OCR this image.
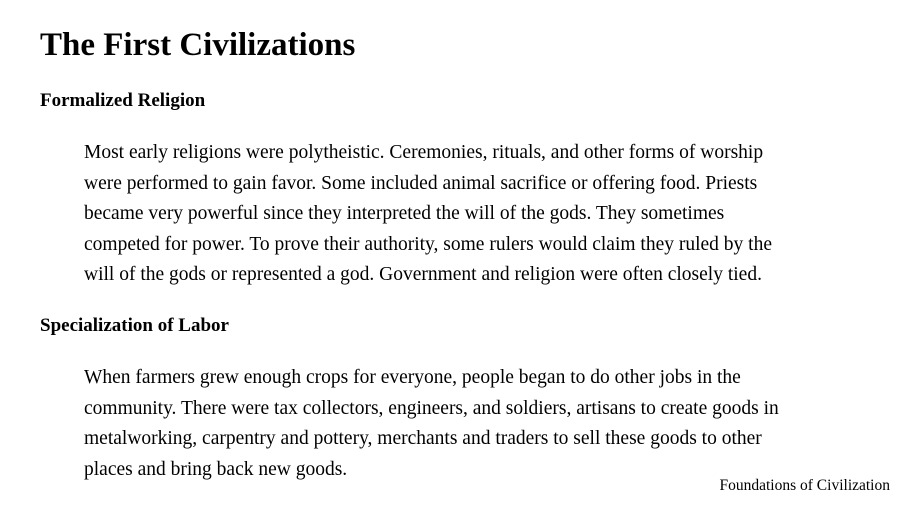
The First Civilizations
Formalized Religion

Most early religions were polytheistic. Ceremonies, rituals, and other forms of worship
were performed to gain favor. Some included animal sacrifice or offering food. Priests
became very powerful since they interpreted the will of the gods. They sometimes
competed for power. To prove their authority, some rulers would claim they ruled by the
will of the gods or represented a god. Government and religion were often closely tied.

Specialization of Labor

When farmers grew enough crops for everyone, people began to do other jobs in the
community. There were tax collectors, engineers, and soldiers, artisans to create goods in
metalworking, carpentry and pottery, merchants and traders to sell these goods to other
places and bring back new goods.

Foundations of Civilization
